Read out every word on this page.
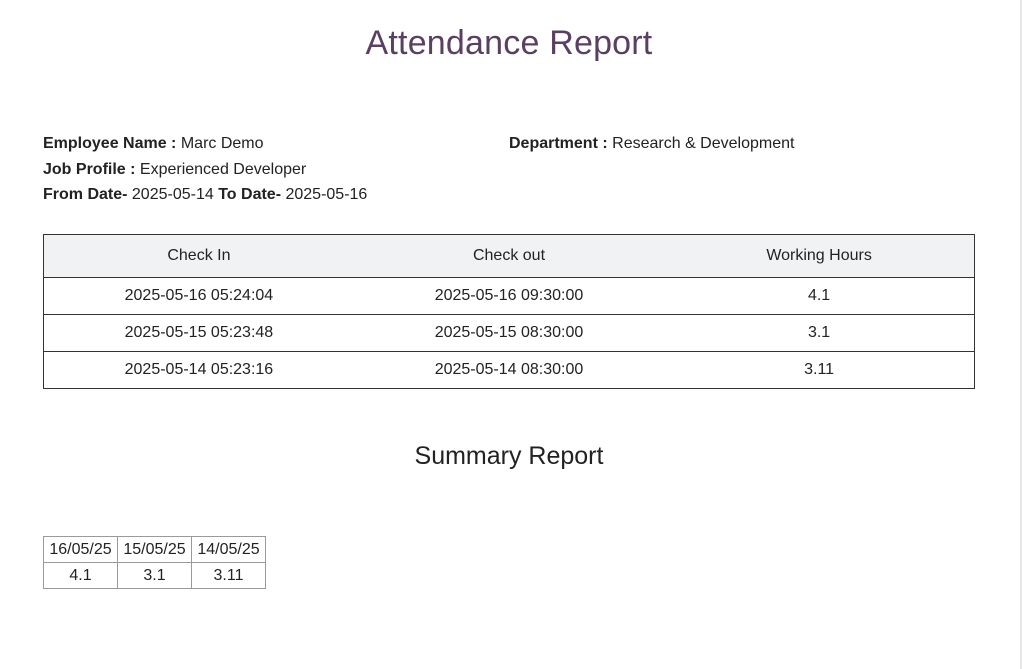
Attendance Report
Employee Name : Marc Demo	Department : Research & Development
Job Profile : Experienced Developer
From Date- 2025-05-14 To Date- 2025-05-16
Check In	Check out	Working Hours
2025-05-16 05:24:04	2025-05-16 09:30:00	4.1
2025-05-15 05:23:48	2025-05-15 08:30:00	3.1
2025-05-14 05:23:16	2025-05-14 08:30:00	3.11
Summary Report
16/05/25	15/05/25	14/05/25
4.1	3.1	3.11
